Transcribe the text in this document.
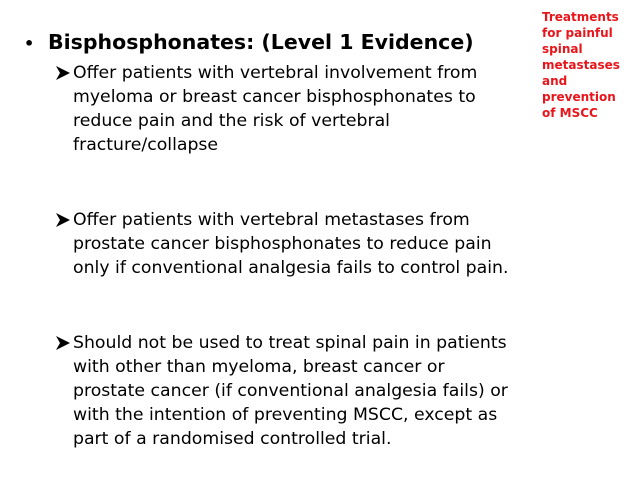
Treatments
for painful
spinal
metastases
and
prevention
of MSCC
• Bisphosphonates: (Level 1 Evidence)

Offer patients with vertebral involvement from
myeloma or breast cancer bisphosphonates to
reduce pain and the risk of vertebral
fracture/collapse

Offer patients with vertebral metastases from
prostate cancer bisphosphonates to reduce pain
only if conventional analgesia fails to control pain.

Should not be used to treat spinal pain in patients
with other than myeloma, breast cancer or
prostate cancer (if conventional analgesia fails) or
with the intention of preventing MSCC, except as
part of a randomised controlled trial.
